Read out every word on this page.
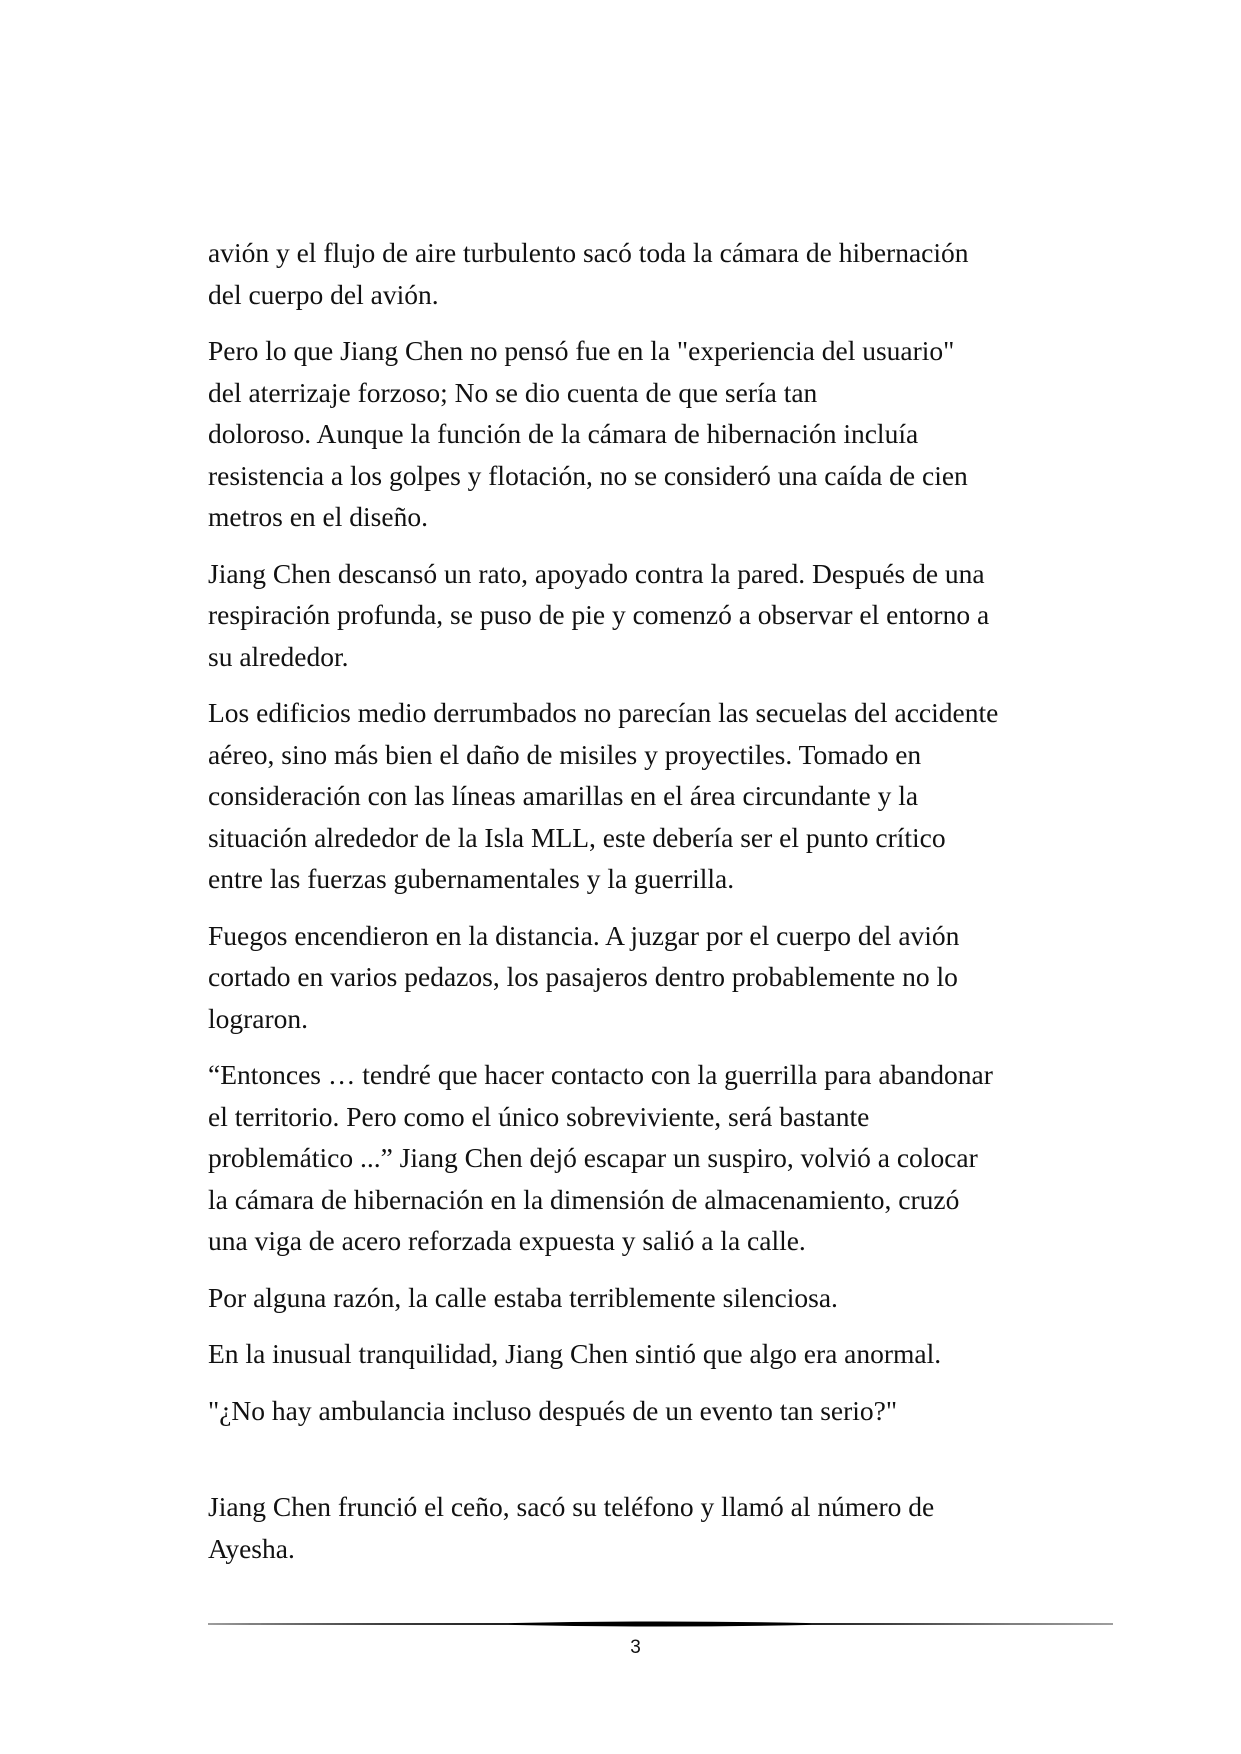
avión y el flujo de aire turbulento sacó toda la cámara de hibernación
del cuerpo del avión.

Pero lo que Jiang Chen no pensó fue en la "experiencia del usuario"
del aterrizaje forzoso; No se dio cuenta de que sería tan
doloroso. Aunque la función de la cámara de hibernación incluía
resistencia a los golpes y flotación, no se consideró una caída de cien
metros en el diseño.

Jiang Chen descansó un rato, apoyado contra la pared. Después de una
respiración profunda, se puso de pie y comenzó a observar el entorno a
su alrededor.

Los edificios medio derrumbados no parecían las secuelas del accidente
aéreo, sino más bien el daño de misiles y proyectiles. Tomado en
consideración con las líneas amarillas en el área circundante y la
situación alrededor de la Isla MLL, este debería ser el punto crítico
entre las fuerzas gubernamentales y la guerrilla.

Fuegos encendieron en la distancia. A juzgar por el cuerpo del avión
cortado en varios pedazos, los pasajeros dentro probablemente no lo
lograron.

“Entonces … tendré que hacer contacto con la guerrilla para abandonar
el territorio. Pero como el único sobreviviente, será bastante
problemático ...” Jiang Chen dejó escapar un suspiro, volvió a colocar
la cámara de hibernación en la dimensión de almacenamiento, cruzó
una viga de acero reforzada expuesta y salió a la calle.

Por alguna razón, la calle estaba terriblemente silenciosa.

En la inusual tranquilidad, Jiang Chen sintió que algo era anormal.

"¿No hay ambulancia incluso después de un evento tan serio?"

Jiang Chen frunció el ceño, sacó su teléfono y llamó al número de
Ayesha.

3
